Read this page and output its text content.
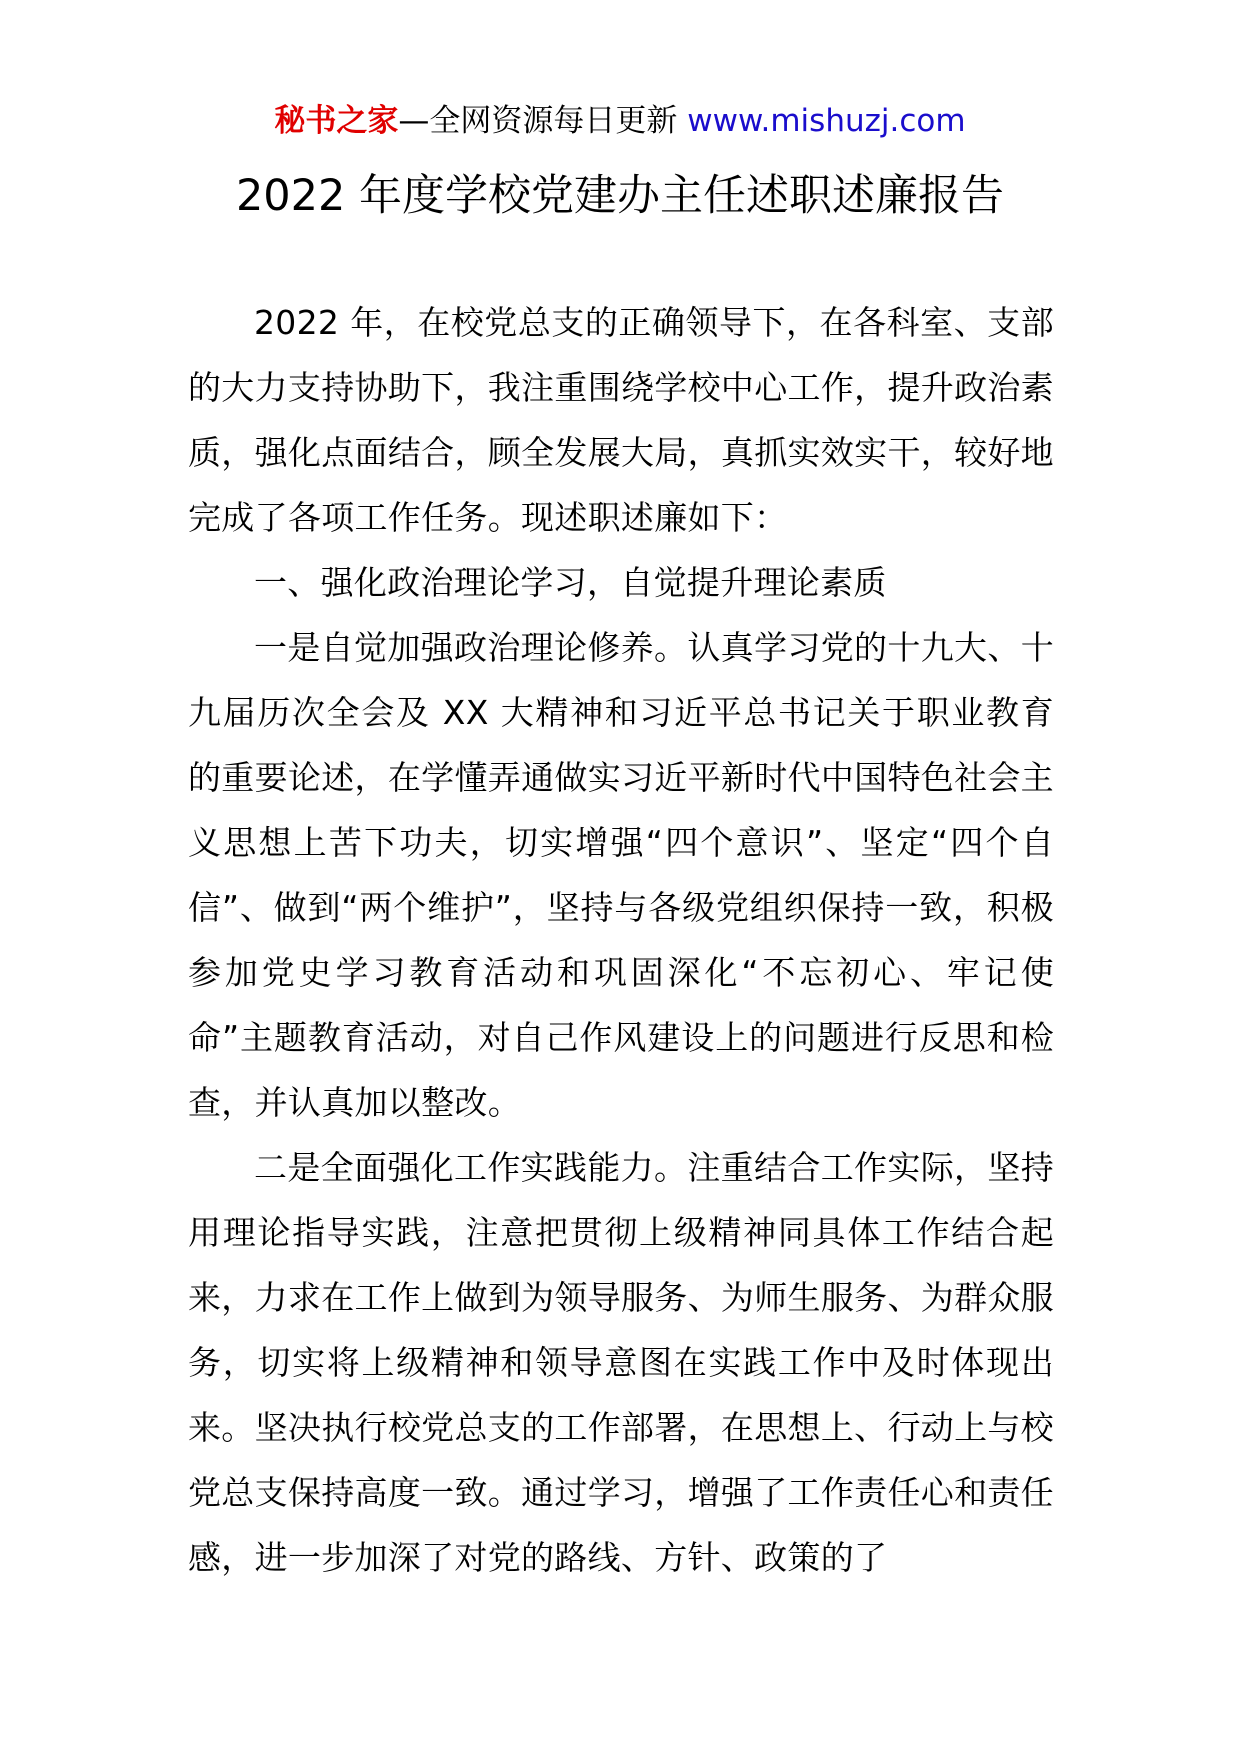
秘书之家—全网资源每日更新 www.mishuzj.com
2022 年度学校党建办主任述职述廉报告

2022 年，在校党总支的正确领导下，在各科室、支部的大力支持协助下，我注重围绕学校中心工作，提升政治素质，强化点面结合，顾全发展大局，真抓实效实干，较好地完成了各项工作任务。现述职述廉如下：

一、强化政治理论学习，自觉提升理论素质

一是自觉加强政治理论修养。认真学习党的十九大、十九届历次全会及 XX 大精神和习近平总书记关于职业教育的重要论述，在学懂弄通做实习近平新时代中国特色社会主义思想上苦下功夫，切实增强“四个意识”、坚定“四个自信”、做到“两个维护”，坚持与各级党组织保持一致，积极参加党史学习教育活动和巩固深化“不忘初心、牢记使命”主题教育活动，对自己作风建设上的问题进行反思和检查，并认真加以整改。

二是全面强化工作实践能力。注重结合工作实际，坚持用理论指导实践，注意把贯彻上级精神同具体工作结合起来，力求在工作上做到为领导服务、为师生服务、为群众服务，切实将上级精神和领导意图在实践工作中及时体现出来。坚决执行校党总支的工作部署，在思想上、行动上与校党总支保持高度一致。通过学习，增强了工作责任心和责任感，进一步加深了对党的路线、方针、政策的了
